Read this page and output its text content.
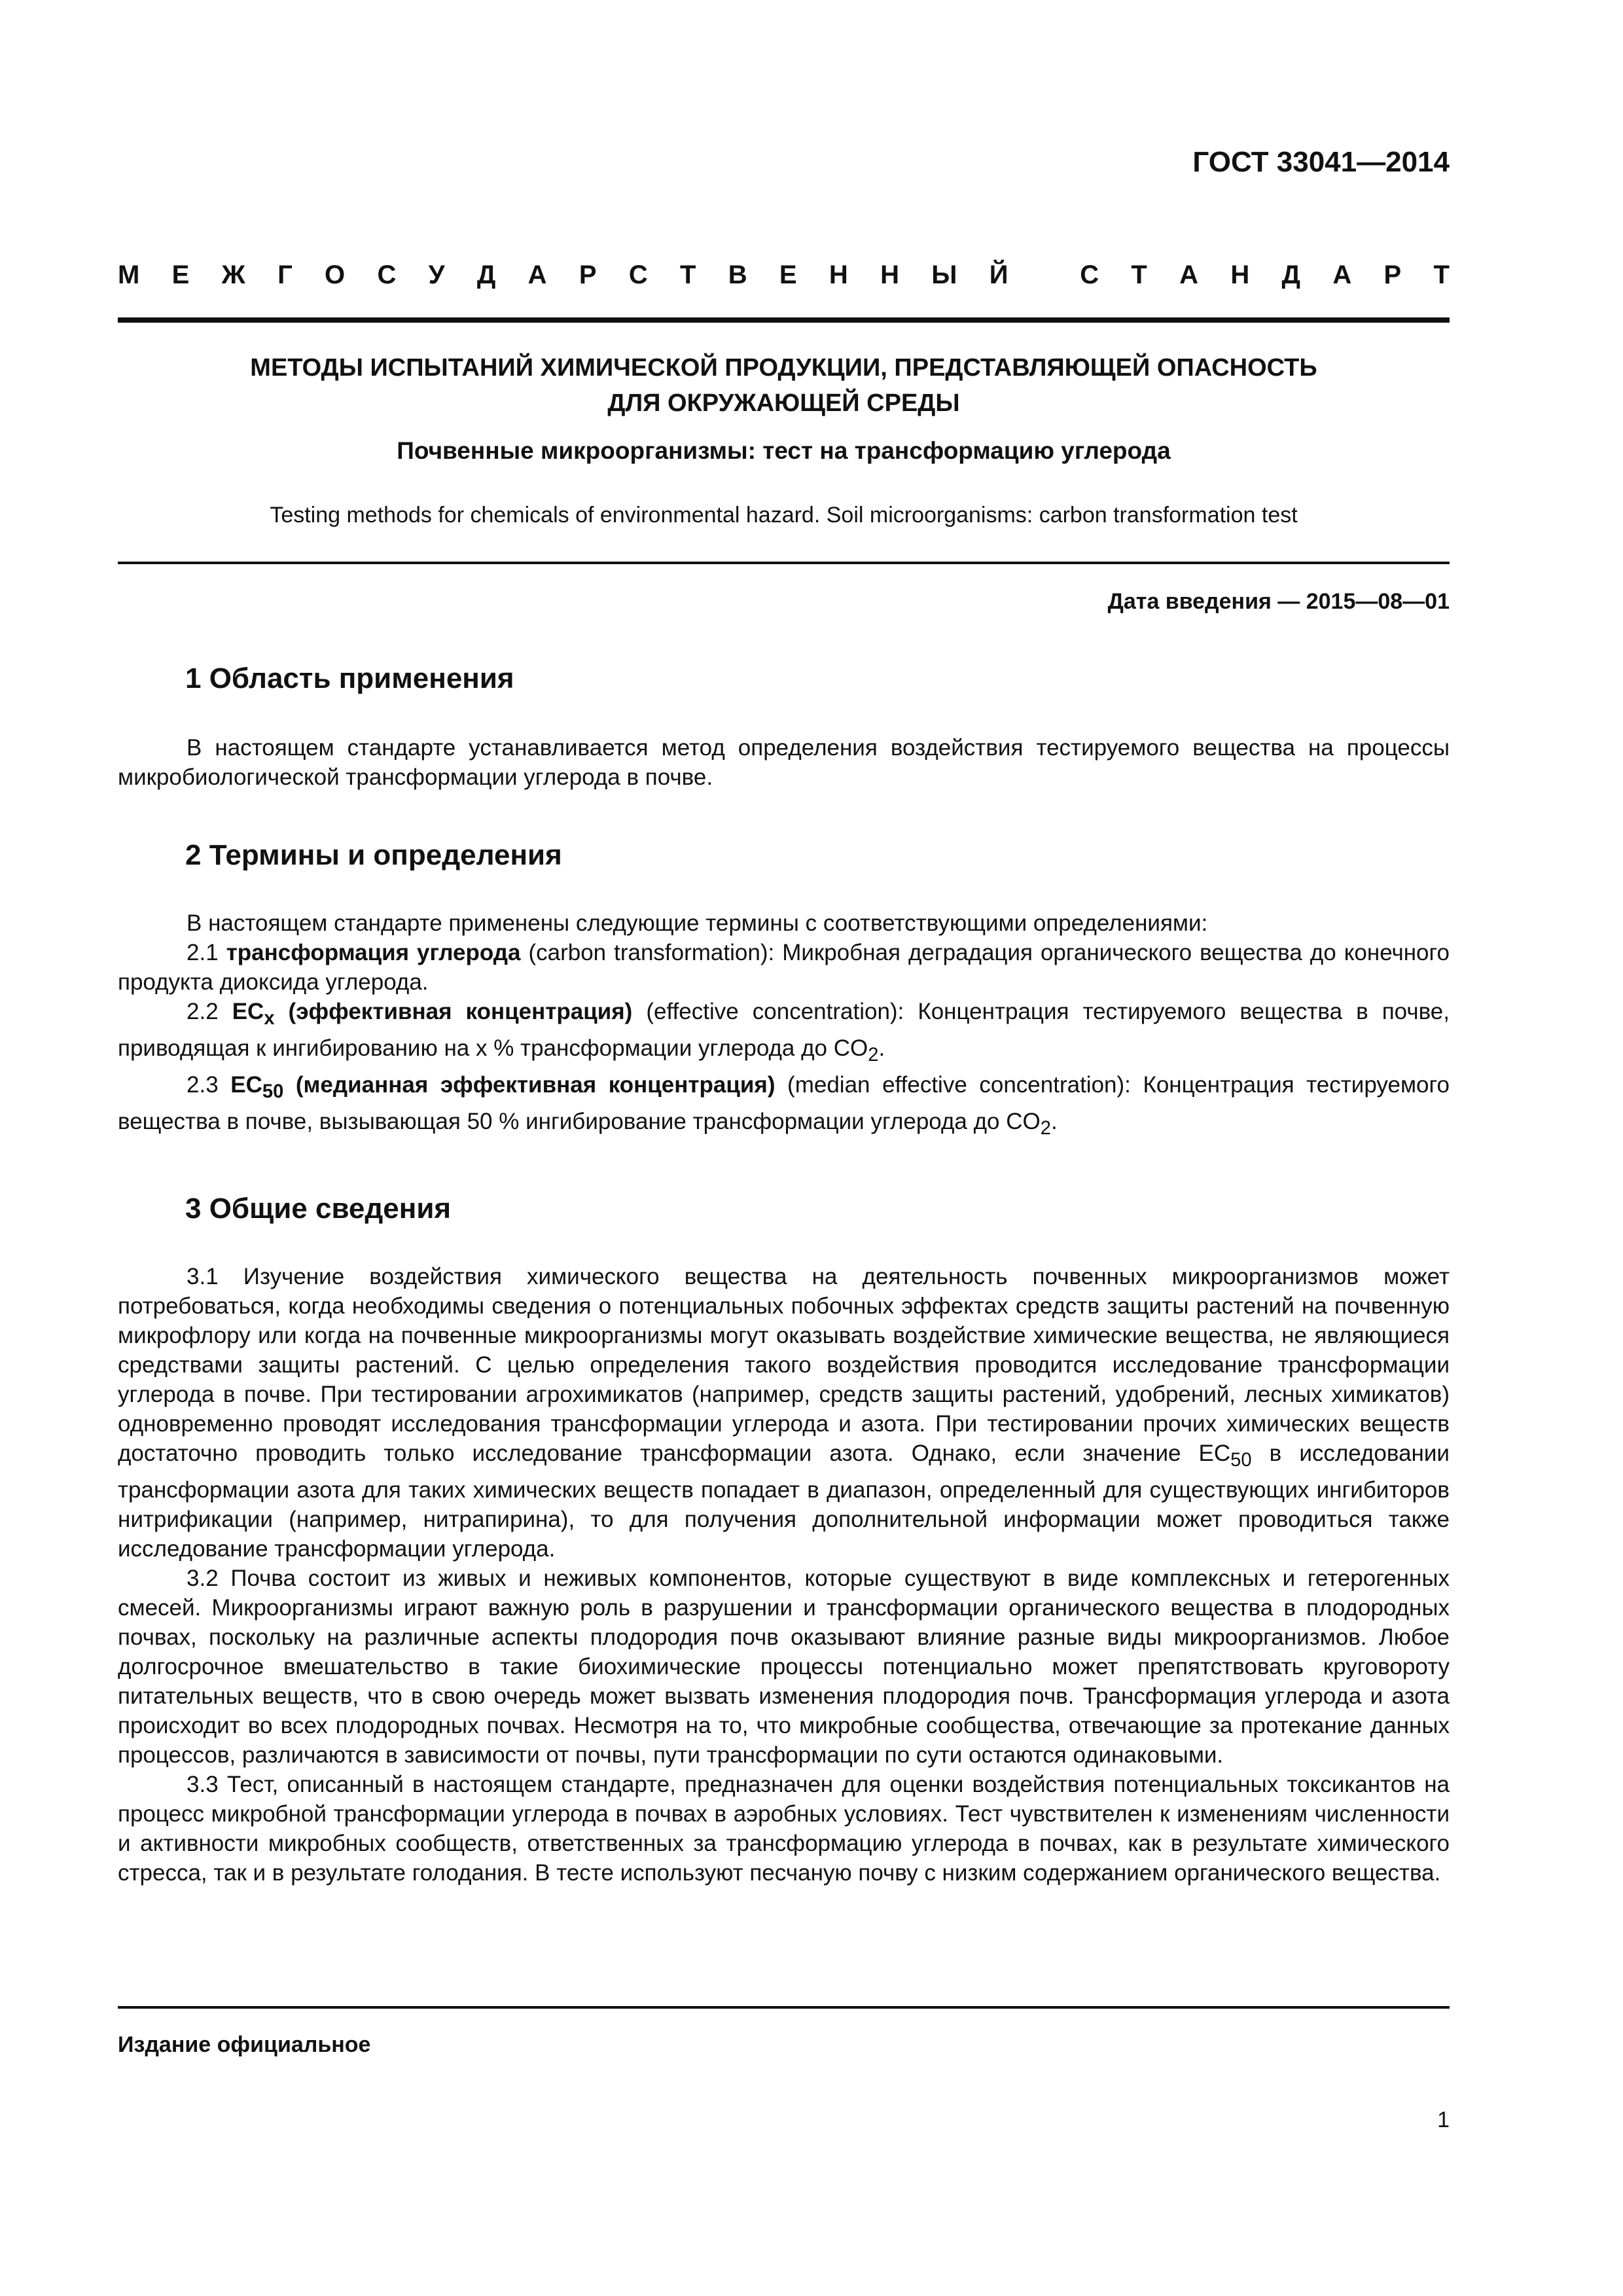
ГОСТ 33041—2014
М Е Ж Г О С У Д А Р С Т В Е Н Н Ы Й
	С Т А Н Д А Р Т
МЕТОДЫ ИСПЫТАНИЙ ХИМИЧЕСКОЙ ПРОДУКЦИИ, ПРЕДСТАВЛЯЮЩЕЙ ОПАСНОСТЬ
ДЛЯ ОКРУЖАЮЩЕЙ СРЕДЫ
Почвенные микроорганизмы: тест на трансформацию углерода
Testing methods for chemicals of environmental hazard. Soil microorganisms: carbon transformation test
Дата введения — 2015—08—01
1 Область применения

В настоящем стандарте устанавливается метод определения воздействия тестируемого вещества на процессы микробиологической трансформации углерода в почве.

2 Термины и определения

В настоящем стандарте применены следующие термины с соответствующими определениями:

2.1 трансформация углерода (carbon transformation): Микробная деградация органического вещества до конечного продукта диоксида углерода.

2.2 $EC_x$ (эффективная концентрация) (effective concentration): Концентрация тестируемого вещества в почве, приводящая к ингибированию на x % трансформации углерода до $CO_2$.

2.3 $EC_{50}$ (медианная эффективная концентрация) (median effective concentration): Концентрация тестируемого вещества в почве, вызывающая 50 % ингибирование трансформации углерода до $CO_2$.

3 Общие сведения

3.1 Изучение воздействия химического вещества на деятельность почвенных микроорганизмов может потребоваться, когда необходимы сведения о потенциальных побочных эффектах средств защиты растений на почвенную микрофлору или когда на почвенные микроорганизмы могут оказывать воздействие химические вещества, не являющиеся средствами защиты растений. С целью определения такого воздействия проводится исследование трансформации углерода в почве. При тестировании агрохимикатов (например, средств защиты растений, удобрений, лесных химикатов) одновременно проводят исследования трансформации углерода и азота. При тестировании прочих химических веществ достаточно проводить только исследование трансформации азота. Однако, если значение $EC_{50}$ в исследовании трансформации азота для таких химических веществ попадает в диапазон, определенный для существующих ингибиторов нитрификации (например, нитрапирина), то для получения дополнительной информации может проводиться также исследование трансформации углерода.

3.2 Почва состоит из живых и неживых компонентов, которые существуют в виде комплексных и гетерогенных смесей. Микроорганизмы играют важную роль в разрушении и трансформации органического вещества в плодородных почвах, поскольку на различные аспекты плодородия почв оказывают влияние разные виды микроорганизмов. Любое долгосрочное вмешательство в такие биохимические процессы потенциально может препятствовать круговороту питательных веществ, что в свою очередь может вызвать изменения плодородия почв. Трансформация углерода и азота происходит во всех плодородных почвах. Несмотря на то, что микробные сообщества, отвечающие за протекание данных процессов, различаются в зависимости от почвы, пути трансформации по сути остаются одинаковыми.

3.3 Тест, описанный в настоящем стандарте, предназначен для оценки воздействия потенциальных токсикантов на процесс микробной трансформации углерода в почвах в аэробных условиях. Тест чувствителен к изменениям численности и активности микробных сообществ, ответственных за трансформацию углерода в почвах, как в результате химического стресса, так и в результате голодания. В тесте используют песчаную почву с низким содержанием органического вещества.

Издание официальное
1
